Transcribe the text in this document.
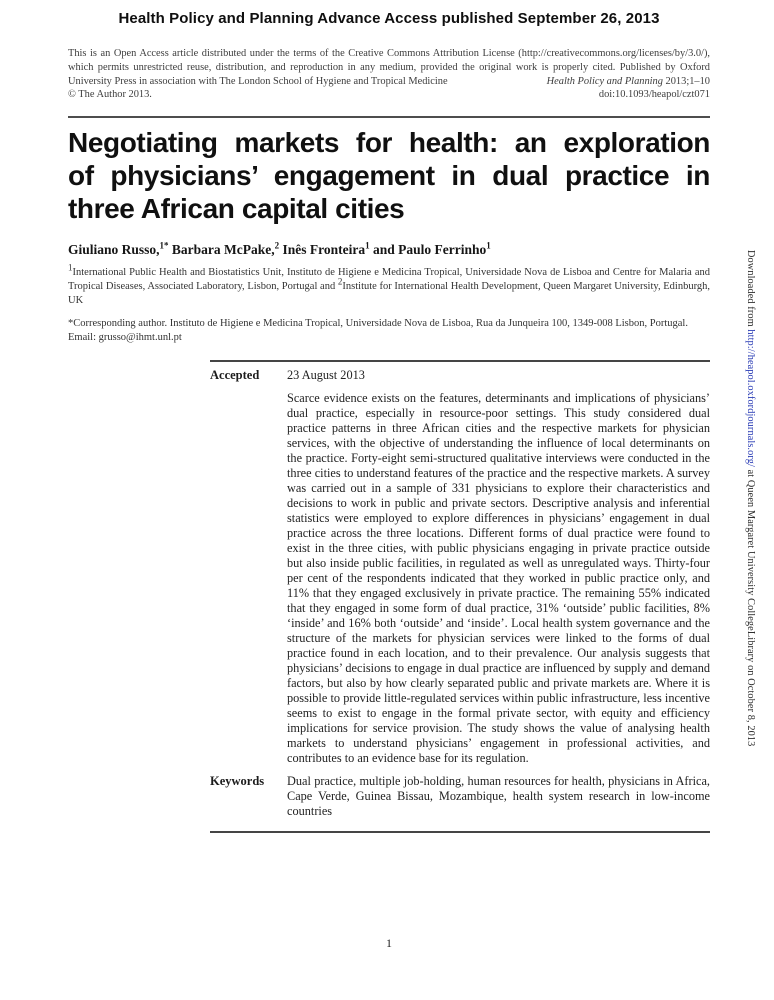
Health Policy and Planning Advance Access published September 26, 2013

This is an Open Access article distributed under the terms of the Creative Commons Attribution License (http://creativecommons.org/licenses/by/3.0/), which permits unrestricted reuse, distribution, and reproduction in any medium, provided the original work is properly cited. Published by Oxford University Press in association with The London School of Hygiene and Tropical Medicine

© The Author 2013.
Health Policy and Planning 2013;1–10
doi:10.1093/heapol/czt071
Negotiating markets for health: an exploration
of physicians’ engagement in dual practice in
three African capital cities
Giuliano Russo,$^{1*}$ Barbara McPake,$^2$ Inês Fronteira$^1$ and Paulo Ferrinho$^1$

$^1$International Public Health and Biostatistics Unit, Instituto de Higiene e Medicina Tropical, Universidade Nova de Lisboa and Centre for Malaria and Tropical Diseases, Associated Laboratory, Lisbon, Portugal and $^2$Institute for International Health Development, Queen Margaret University, Edinburgh, UK

*Corresponding author. Instituto de Higiene e Medicina Tropical, Universidade Nova de Lisboa, Rua da Junqueira 100, 1349-008 Lisbon, Portugal. Email: grusso@ihmt.unl.pt

Accepted	23 August 2013
Scarce evidence exists on the features, determinants and implications of physicians’ dual practice, especially in resource-poor settings. This study considered dual practice patterns in three African cities and the respective markets for physician services, with the objective of understanding the influence of local determinants on the practice. Forty-eight semi-structured qualitative interviews were conducted in the three cities to understand features of the practice and the respective markets. A survey was carried out in a sample of 331 physicians to explore their characteristics and decisions to work in public and private sectors. Descriptive analysis and inferential statistics were employed to explore differences in physicians’ engagement in dual practice across the three locations. Different forms of dual practice were found to exist in the three cities, with public physicians engaging in private practice outside but also inside public facilities, in regulated as well as unregulated ways. Thirty-four per cent of the respondents indicated that they worked in public practice only, and 11% that they engaged exclusively in private practice. The remaining 55% indicated that they engaged in some form of dual practice, 31% ‘outside’ public facilities, 8% ‘inside’ and 16% both ‘outside’ and ‘inside’. Local health system governance and the structure of the markets for physician services were linked to the forms of dual practice found in each location, and to their prevalence. Our analysis suggests that physicians’ decisions to engage in dual practice are influenced by supply and demand factors, but also by how clearly separated public and private markets are. Where it is possible to provide little-regulated services within public infrastructure, less incentive seems to exist to engage in the formal private sector, with equity and efficiency implications for service provision. The study shows the value of analysing health markets to understand physicians’ engagement in professional activities, and contributes to an evidence base for its regulation.
Keywords	Dual practice, multiple job-holding, human resources for health, physicians in Africa, Cape Verde, Guinea Bissau, Mozambique, health system research in low-income countries
1
Downloaded from http://heapol.oxfordjournals.org/ at Queen Margaret University CollegeLibrary on October 8, 2013
